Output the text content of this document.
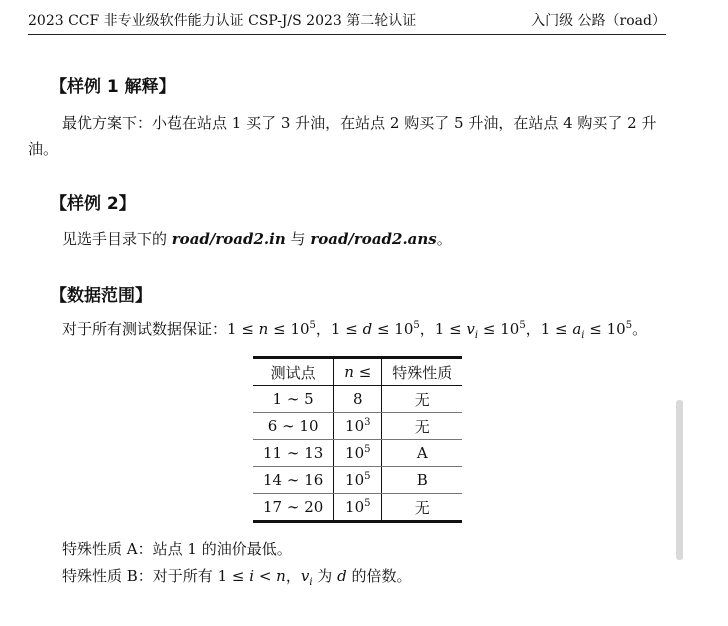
2023 CCF 非专业级软件能力认证 CSP-J/S 2023 第二轮认证	入门级 公路（road）
【样例 1 解释】
最优方案下：小苞在站点 1 买了 3 升油，在站点 2 购买了 5 升油，在站点 4 购买了 2 升油。
【样例 2】
见选手目录下的 road/road2.in 与 road/road2.ans。
【数据范围】
对于所有测试数据保证：$1 \le n \le 10^5$，$1 \le d \le 10^5$，$1 \le v_i \le 10^5$，$1 \le a_i \le 10^5$。
测试点	n ≤	特殊性质
1 ∼ 5	8	无
6 ∼ 10	$10^3$	无
11 ∼ 13	$10^5$	A
14 ∼ 16	$10^5$	B
17 ∼ 20	$10^5$	无
特殊性质 A：站点 1 的油价最低。
特殊性质 B：对于所有 1 ≤ i < n，$v_i$ 为 d 的倍数。
